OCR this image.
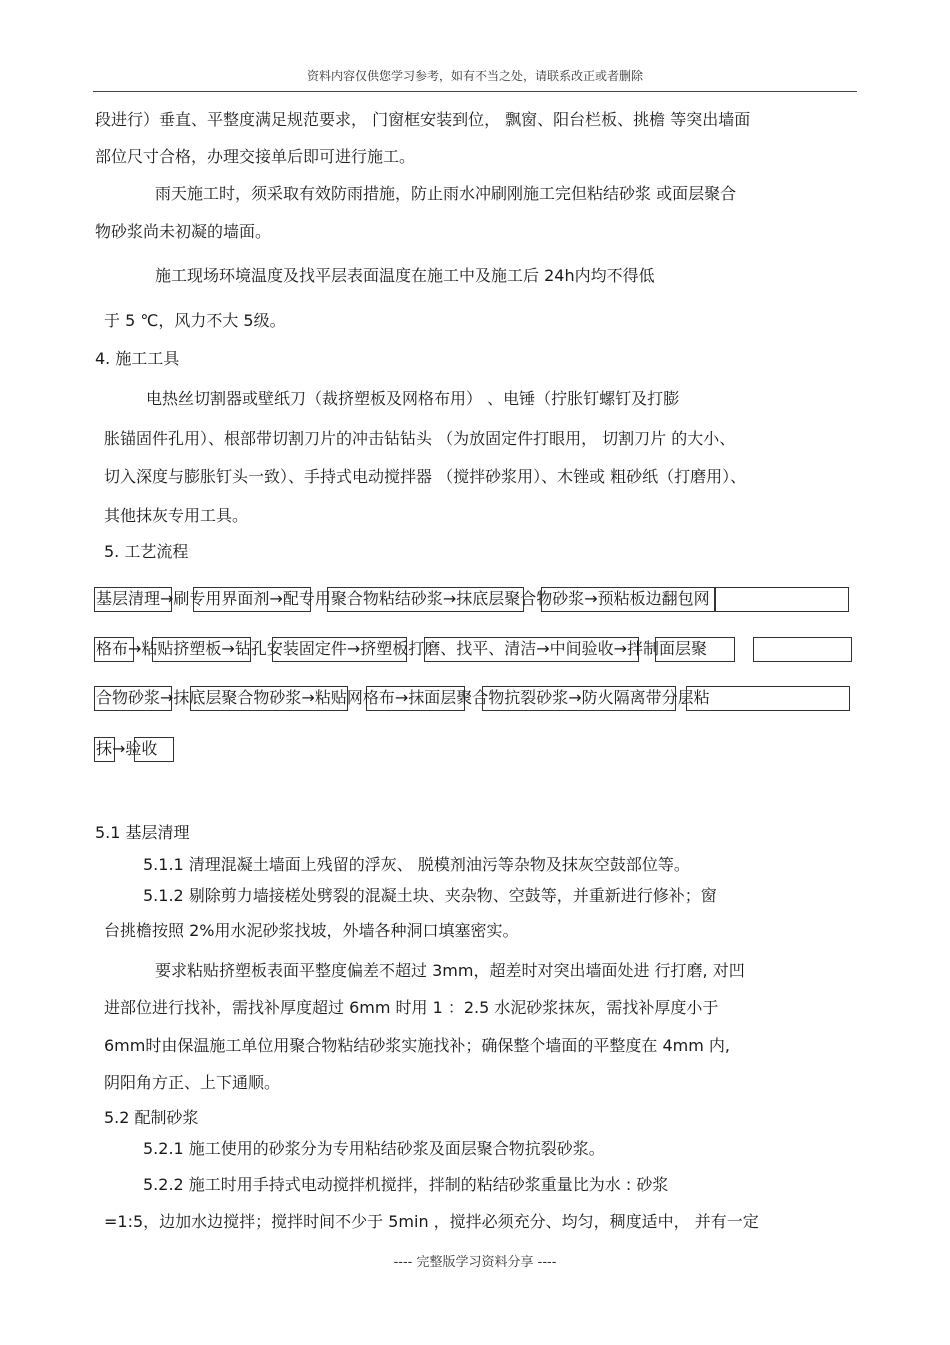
资料内容仅供您学习参考，如有不当之处，请联系改正或者删除
段进行）垂直、平整度满足规范要求， 门窗框安装到位， 飘窗、阳台栏板、挑檐 等突出墙面
部位尺寸合格，办理交接单后即可进行施工。
雨天施工时，须采取有效防雨措施，防止雨水冲刷刚施工完但粘结砂浆 或面层聚合
物砂浆尚未初凝的墙面。
施工现场环境温度及找平层表面温度在施工中及施工后 24h内均不得低
于 5 ℃，风力不大 5级。
4. 施工工具
电热丝切割器或壁纸刀（裁挤塑板及网格布用） 、电锤（拧胀钉螺钉及打膨
胀锚固件孔用）、根部带切割刀片的冲击钻钻头 （为放固定件打眼用， 切割刀片 的大小、
切入深度与膨胀钉头一致）、手持式电动搅拌器 （搅拌砂浆用）、木锉或 粗砂纸（打磨用）、
其他抹灰专用工具。
5. 工艺流程
基层清理→刷专用界面剂→配专用聚合物粘结砂浆→抹底层聚合物砂浆→预粘板边翻包网
格布→粘贴挤塑板→钻孔安装固定件→挤塑板打磨、找平、清洁→中间验收→拌制面层聚
合物砂浆→抹底层聚合物砂浆→粘贴网格布→抹面层聚合物抗裂砂浆→防火隔离带分层粘
抹→验收
5.1 基层清理
5.1.1 清理混凝土墙面上残留的浮灰、 脱模剂油污等杂物及抹灰空鼓部位等。
5.1.2 剔除剪力墙接槎处劈裂的混凝土块、夹杂物、空鼓等，并重新进行修补；窗
台挑檐按照 2%用水泥砂浆找坡，外墙各种洞口填塞密实。
要求粘贴挤塑板表面平整度偏差不超过 3mm，超差时对突出墙面处进 行打磨, 对凹
进部位进行找补，需找补厚度超过 6mm 时用 1 ：2.5 水泥砂浆抹灰，需找补厚度小于
6mm时由保温施工单位用聚合物粘结砂浆实施找补；确保整个墙面的平整度在 4mm 内,
阴阳角方正、上下通顺。
5.2 配制砂浆
5.2.1 施工使用的砂浆分为专用粘结砂浆及面层聚合物抗裂砂浆。
5.2.2 施工时用手持式电动搅拌机搅拌，拌制的粘结砂浆重量比为水 : 砂浆
=1:5，边加水边搅拌；搅拌时间不少于 5min ，搅拌必须充分、均匀，稠度适中， 并有一定
---- 完整版学习资料分享 ----
